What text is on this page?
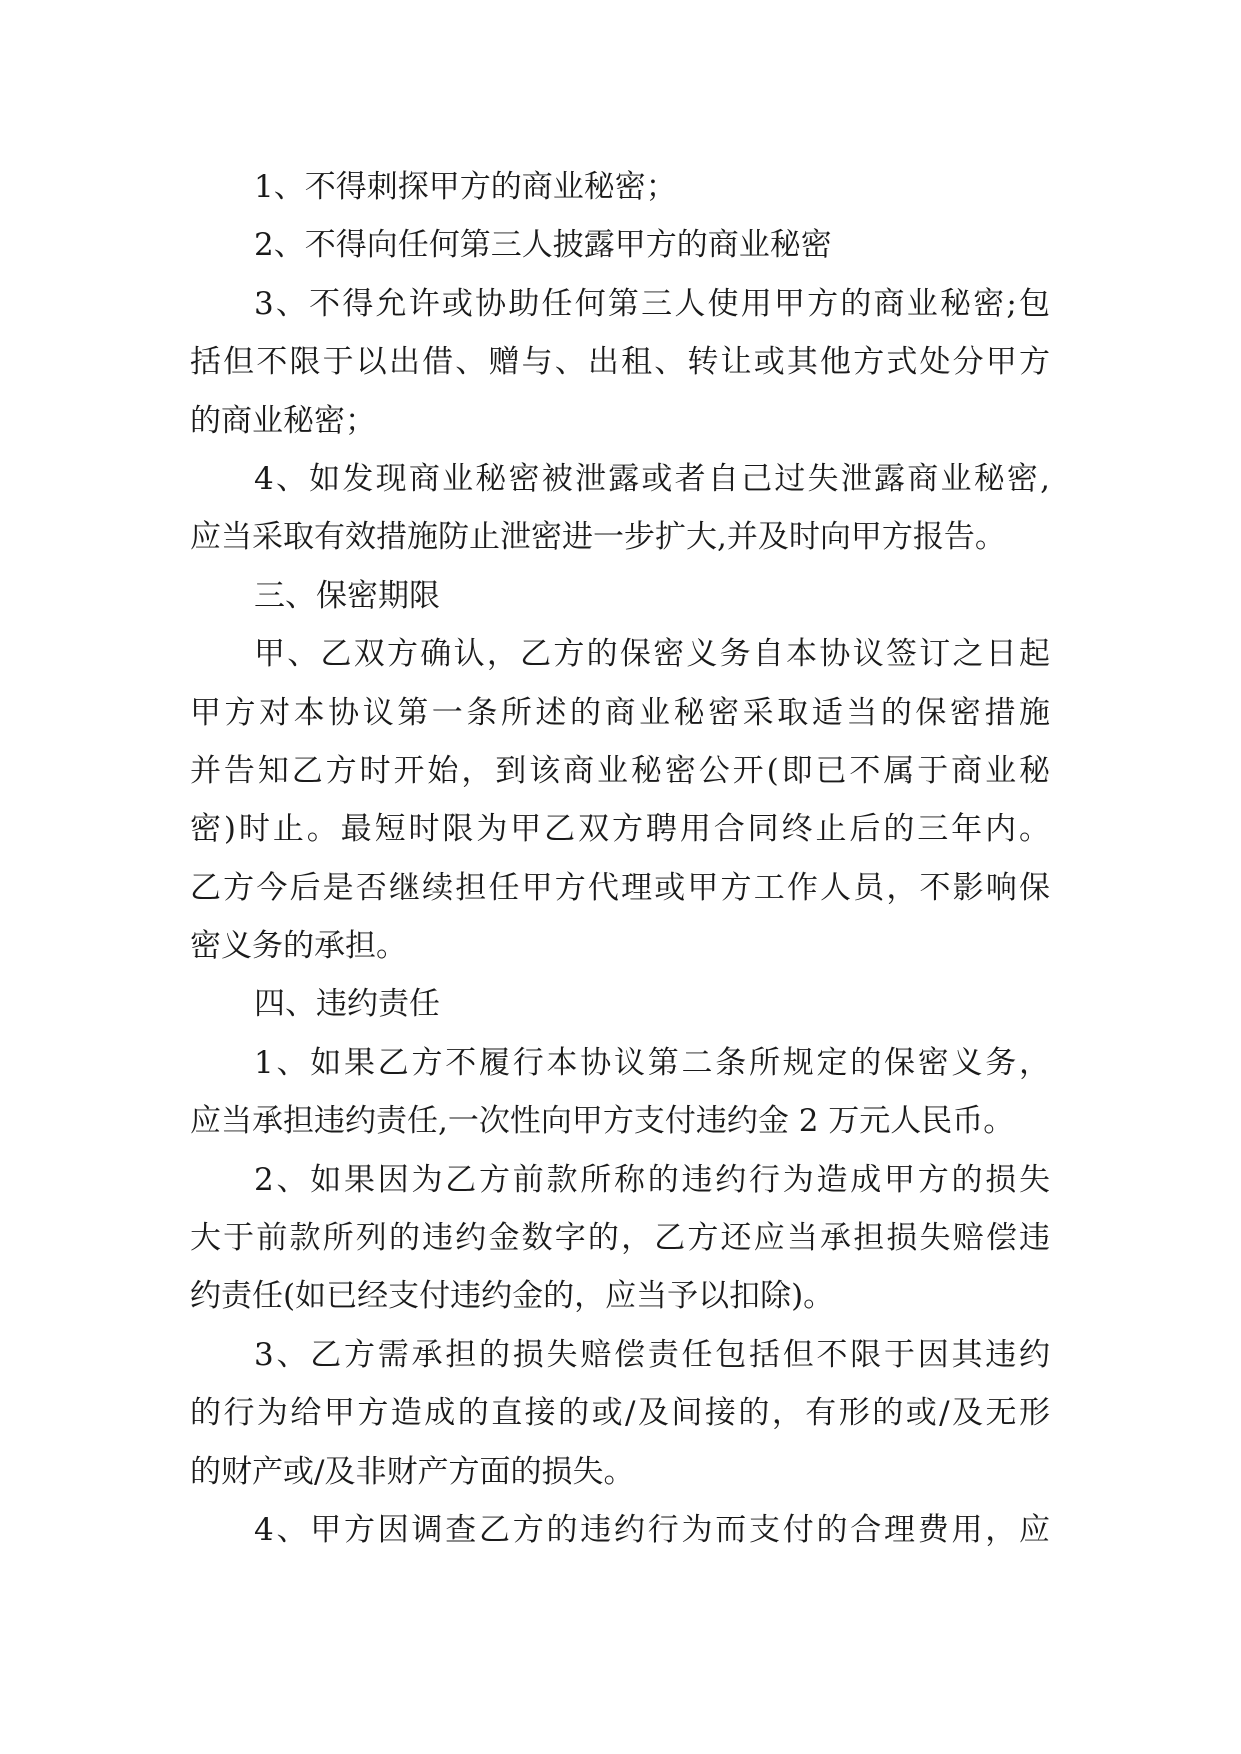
1、不得刺探甲方的商业秘密；
2、不得向任何第三人披露甲方的商业秘密
3、不得允许或协助任何第三人使用甲方的商业秘密;包
括但不限于以出借、赠与、出租、转让或其他方式处分甲方
的商业秘密；
4、如发现商业秘密被泄露或者自己过失泄露商业秘密,
应当采取有效措施防止泄密进一步扩大,并及时向甲方报告。
三、保密期限
甲、乙双方确认，乙方的保密义务自本协议签订之日起
甲方对本协议第一条所述的商业秘密采取适当的保密措施
并告知乙方时开始，到该商业秘密公开(即已不属于商业秘
密)时止。最短时限为甲乙双方聘用合同终止后的三年内。
乙方今后是否继续担任甲方代理或甲方工作人员，不影响保
密义务的承担。
四、违约责任
1、如果乙方不履行本协议第二条所规定的保密义务，
应当承担违约责任,一次性向甲方支付违约金 2 万元人民币。
2、如果因为乙方前款所称的违约行为造成甲方的损失
大于前款所列的违约金数字的，乙方还应当承担损失赔偿违
约责任(如已经支付违约金的，应当予以扣除)。
3、乙方需承担的损失赔偿责任包括但不限于因其违约
的行为给甲方造成的直接的或/及间接的，有形的或/及无形
的财产或/及非财产方面的损失。
4、甲方因调查乙方的违约行为而支付的合理费用，应
